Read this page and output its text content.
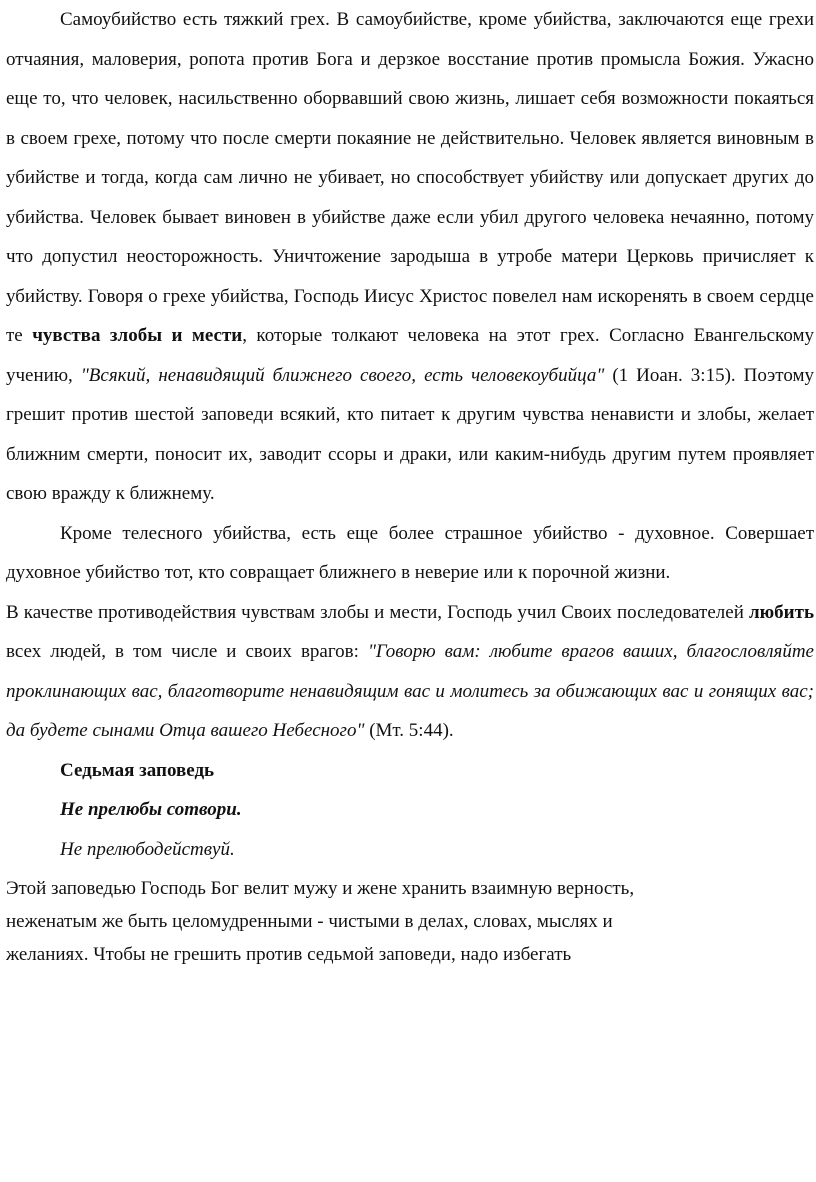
Самоубийство есть тяжкий грех. В самоубийстве, кроме убийства, заключаются еще грехи отчаяния, маловерия, ропота против Бога и дерзкое восстание против промысла Божия. Ужасно еще то, что человек, насильственно оборвавший свою жизнь, лишает себя возможности покаяться в своем грехе, потому что после смерти покаяние не действительно. Человек является виновным в убийстве и тогда, когда сам лично не убивает, но способствует убийству или допускает других до убийства. Человек бывает виновен в убийстве даже если убил другого человека нечаянно, потому что допустил неосторожность. Уничтожение зародыша в утробе матери Церковь причисляет к убийству. Говоря о грехе убийства, Господь Иисус Христос повелел нам искоренять в своем сердце те чувства злобы и мести, которые толкают человека на этот грех. Согласно Евангельскому учению, "Всякий, ненавидящий ближнего своего, есть человекоубийца" (1 Иоан. 3:15). Поэтому грешит против шестой заповеди всякий, кто питает к другим чувства ненависти и злобы, желает ближним смерти, поносит их, заводит ссоры и драки, или каким-нибудь другим путем проявляет свою вражду к ближнему.

Кроме телесного убийства, есть еще более страшное убийство - духовное. Совершает духовное убийство тот, кто совращает ближнего в неверие или к порочной жизни.

В качестве противодействия чувствам злобы и мести, Господь учил Своих последователей любить всех людей, в том числе и своих врагов: "Говорю вам: любите врагов ваших, благословляйте проклинающих вас, благотворите ненавидящим вас и молитесь за обижающих вас и гонящих вас; да будете сынами Отца вашего Небесного" (Мт. 5:44).

Седьмая заповедь

Не прелюбы сотвори.

Не прелюбодействуй.

Этой заповедью Господь Бог велит мужу и жене хранить взаимную верность,

неженатым же быть целомудренными - чистыми в делах, словах, мыслях и

желаниях. Чтобы не грешить против седьмой заповеди, надо избегать
